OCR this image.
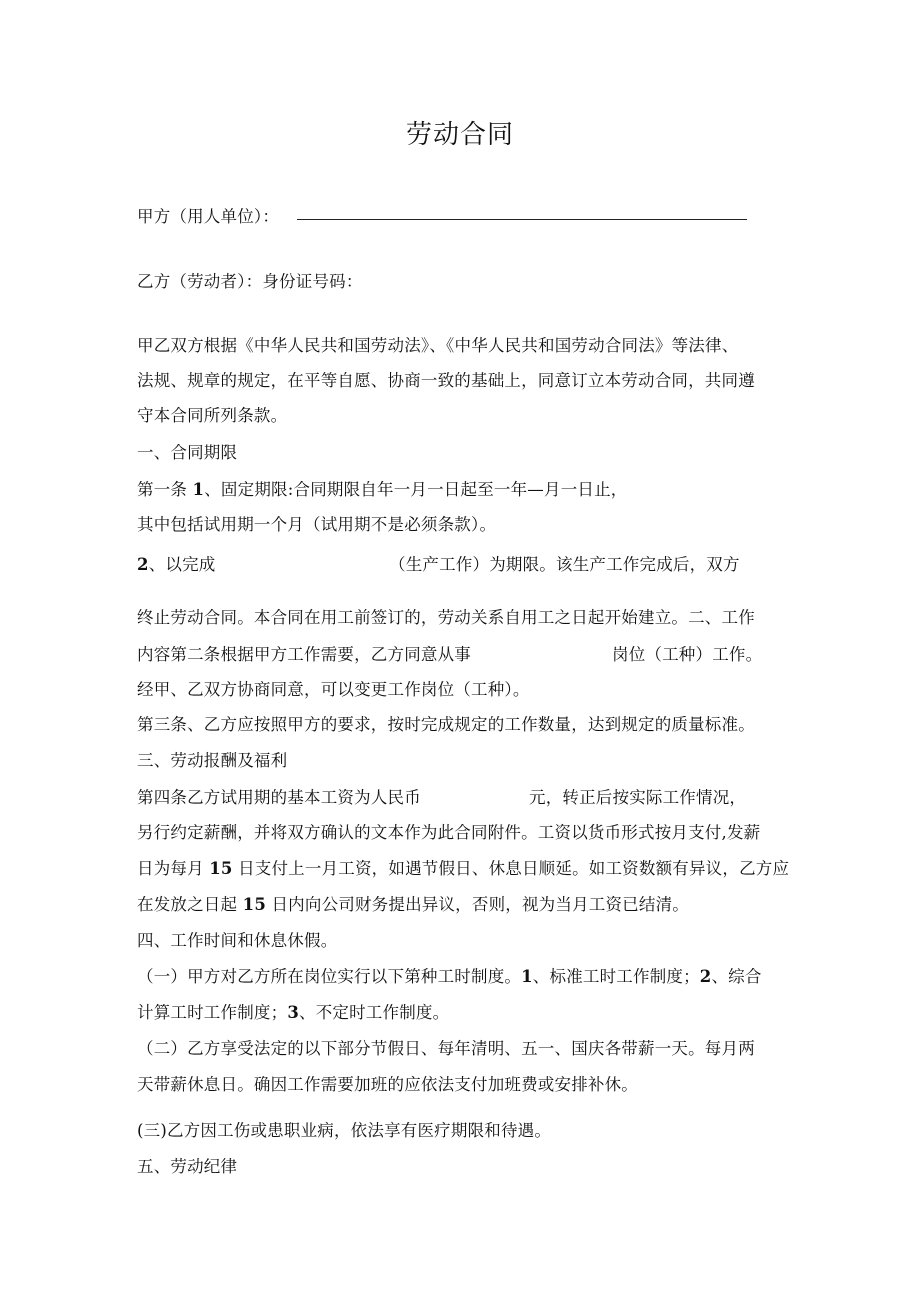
劳动合同
甲方（用人单位）：
乙方（劳动者）：身份证号码：
甲乙双方根据《中华人民共和国劳动法》、《中华人民共和国劳动合同法》等法律、
法规、规章的规定，在平等自愿、协商一致的基础上，同意订立本劳动合同，共同遵
守本合同所列条款。
一、合同期限
第一条 1、固定期限:合同期限自年一月一日起至一年—月一日止，
其中包括试用期一个月（试用期不是必须条款）。
2、以完成	（生产工作）为期限。该生产工作完成后，双方
终止劳动合同。本合同在用工前签订的，劳动关系自用工之日起开始建立。二、工作
内容第二条根据甲方工作需要，乙方同意从事	岗位（工种）工作。
经甲、乙双方协商同意，可以变更工作岗位（工种）。
第三条、乙方应按照甲方的要求，按时完成规定的工作数量，达到规定的质量标准。
三、劳动报酬及福利
第四条乙方试用期的基本工资为人民币	元，转正后按实际工作情况，
另行约定薪酬，并将双方确认的文本作为此合同附件。工资以货币形式按月支付,发薪
日为每月 15 日支付上一月工资，如遇节假日、休息日顺延。如工资数额有异议，乙方应
在发放之日起 15 日内向公司财务提出异议，否则，视为当月工资已结清。
四、工作时间和休息休假。
（一）甲方对乙方所在岗位实行以下第种工时制度。1、标准工时工作制度；2、综合
计算工时工作制度；3、不定时工作制度。
（二）乙方享受法定的以下部分节假日、每年清明、五一、国庆各带薪一天。每月两
天带薪休息日。确因工作需要加班的应依法支付加班费或安排补休。
(三)乙方因工伤或患职业病，依法享有医疗期限和待遇。
五、劳动纪律
